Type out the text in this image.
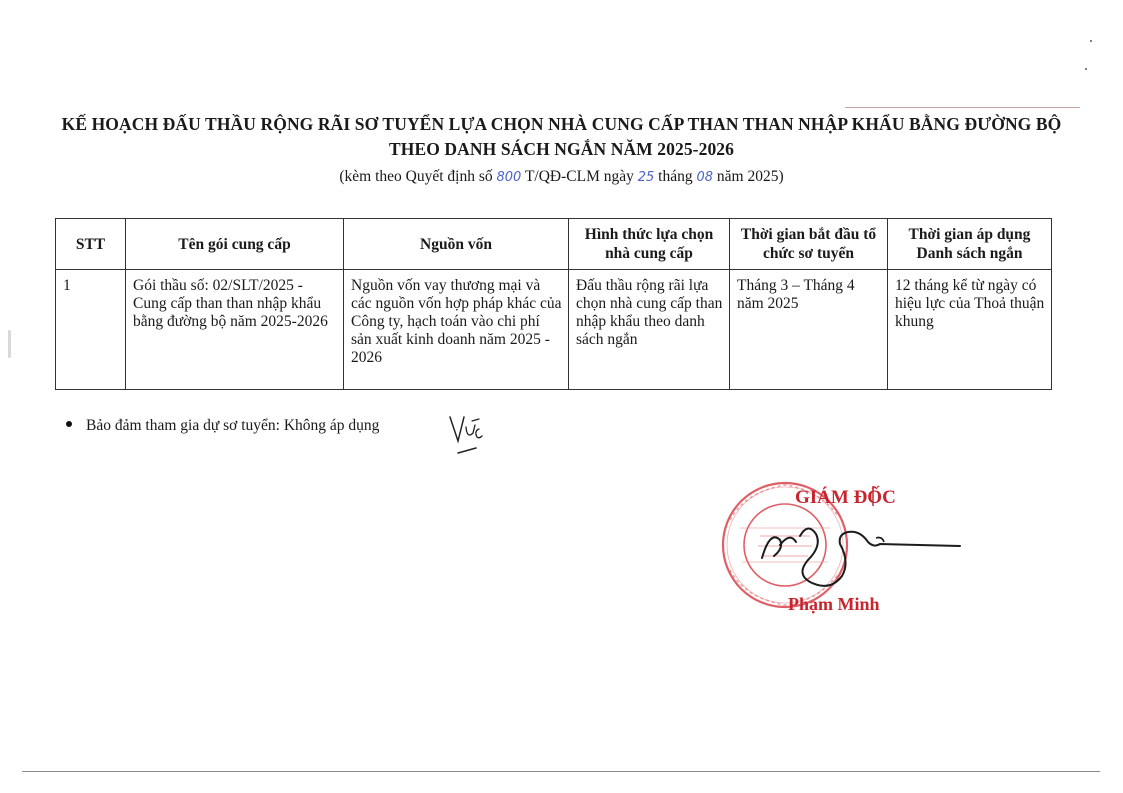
KẾ HOẠCH ĐẤU THẦU RỘNG RÃI SƠ TUYỂN LỰA CHỌN NHÀ CUNG CẤP THAN THAN NHẬP KHẨU BẰNG ĐƯỜNG BỘ
THEO DANH SÁCH NGẮN NĂM 2025-2026
(kèm theo Quyết định số 800 T/QĐ-CLM ngày 25 tháng 08 năm 2025)
STT	Tên gói cung cấp	Nguồn vốn	Hình thức lựa chọn nhà cung cấp	Thời gian bắt đầu tổ chức sơ tuyển	Thời gian áp dụng Danh sách ngắn
1	Gói thầu số: 02/SLT/2025 - Cung cấp than than nhập khẩu bằng đường bộ năm 2025-2026	Nguồn vốn vay thương mại và các nguồn vốn hợp pháp khác của Công ty, hạch toán vào chi phí sản xuất kinh doanh năm 2025 - 2026	Đấu thầu rộng rãi lựa chọn nhà cung cấp than nhập khẩu theo danh sách ngắn	Tháng 3 – Tháng 4 năm 2025	12 tháng kể từ ngày có hiệu lực của Thoả thuận khung
Bảo đảm tham gia dự sơ tuyển: Không áp dụng
GIÁM ĐỐC
Phạm Minh
